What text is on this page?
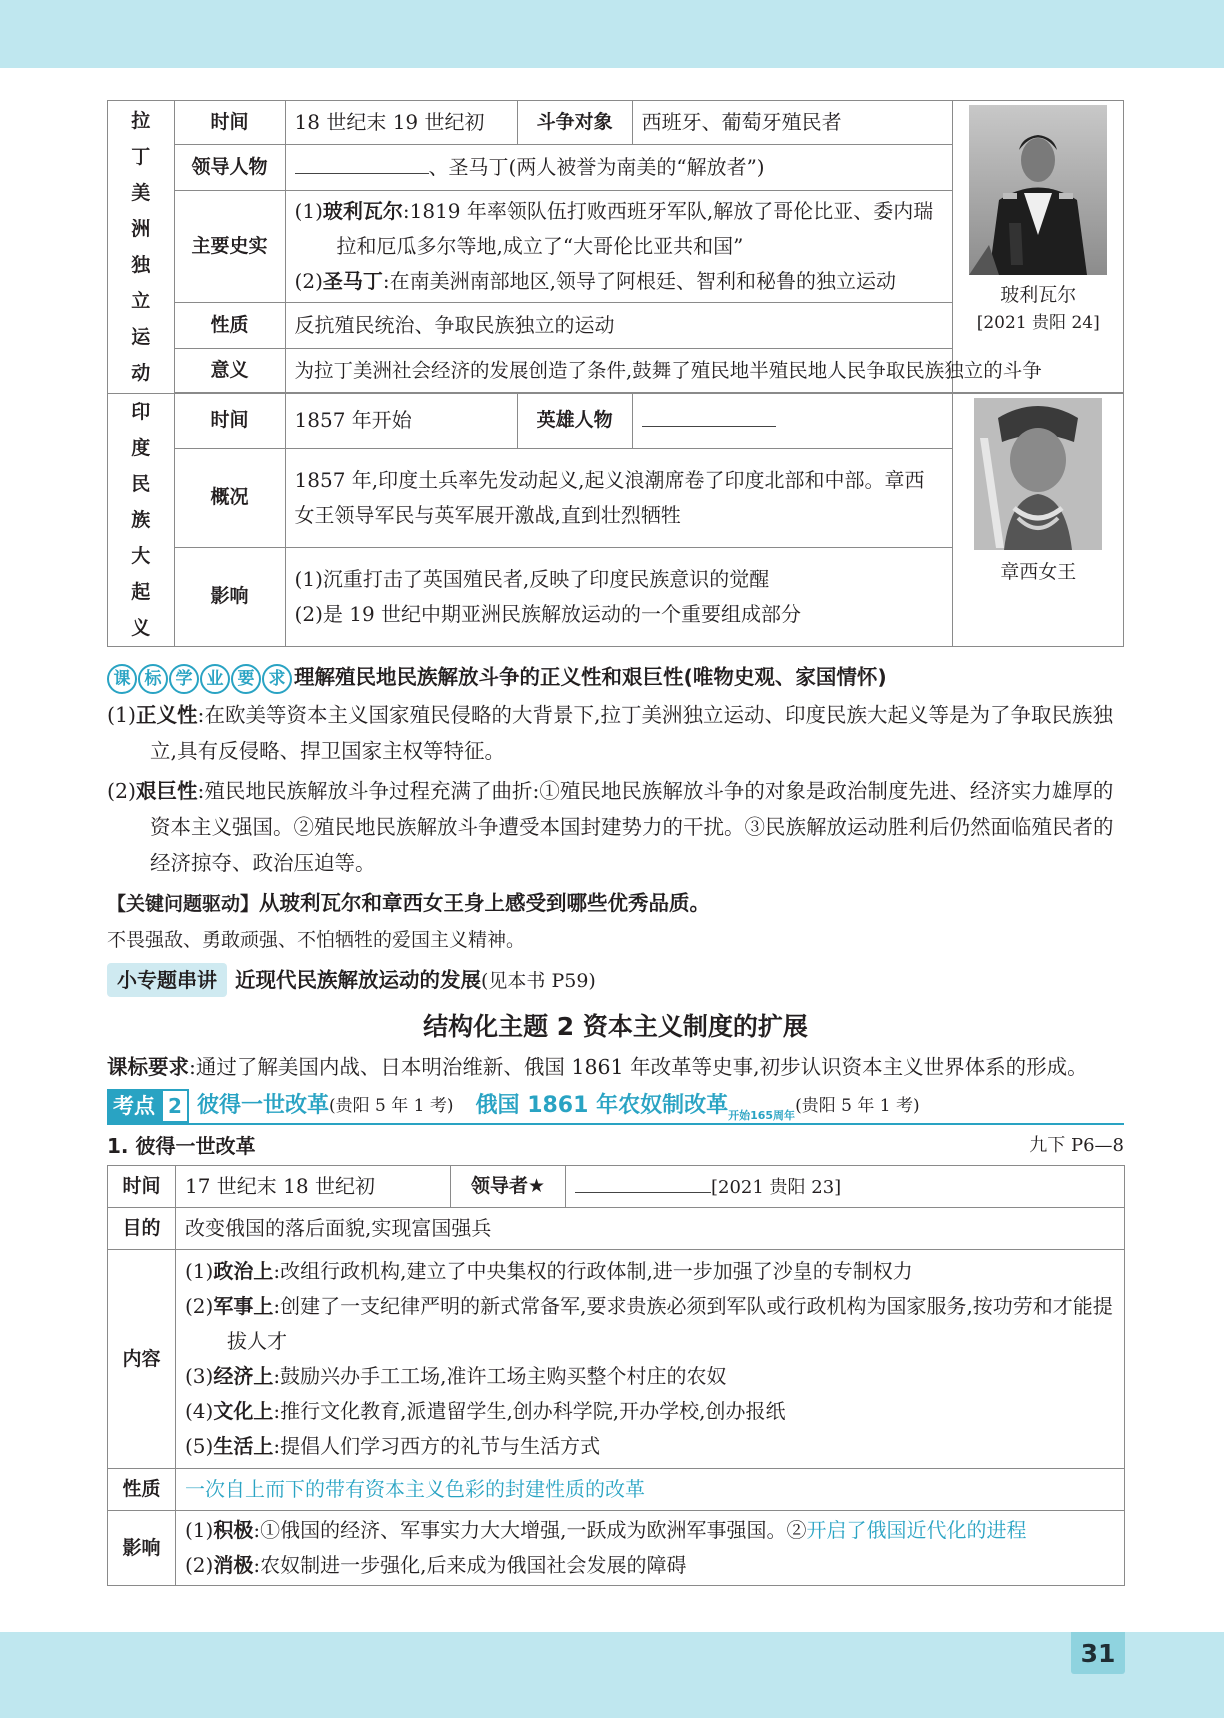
拉丁美洲独立运动	时间	18 世纪末 19 世纪初	斗争对象	西班牙、葡萄牙殖民者	玻利瓦尔
[2021 贵阳 24]

	领导人物	、圣马丁(两人被誉为南美的“解放者”)			
	主要史实	(1)玻利瓦尔:1819 年率领队伍打败西班牙军队,解放了哥伦比亚、委内瑞拉和厄瓜多尔等地,成立了“大哥伦比亚共和国”
(2)圣马丁:在南美洲南部地区,领导了阿根廷、智利和秘鲁的独立运动			

	性质	反抗殖民统治、争取民族独立的运动			
	意义	为拉丁美洲社会经济的发展创造了条件,鼓舞了殖民地半殖民地人民争取民族独立的斗争			

印度民族大起义	时间	1857 年开始	英雄人物		章西女王

	概况	1857 年,印度土兵率先发动起义,起义浪潮席卷了印度北部和中部。章西女王领导军民与英军展开激战,直到壮烈牺牲			
	影响	(1)沉重打击了英国殖民者,反映了印度民族意识的觉醒
(2)是 19 世纪中期亚洲民族解放运动的一个重要组成部分			
课 标 学 业 要 求 理解殖民地民族解放斗争的正义性和艰巨性(唯物史观、家国情怀)
(1)正义性:在欧美等资本主义国家殖民侵略的大背景下,拉丁美洲独立运动、印度民族大起义等是为了争取民族独立,具有反侵略、捍卫国家主权等特征。
(2)艰巨性:殖民地民族解放斗争过程充满了曲折:①殖民地民族解放斗争的对象是政治制度先进、经济实力雄厚的资本主义强国。②殖民地民族解放斗争遭受本国封建势力的干扰。③民族解放运动胜利后仍然面临殖民者的经济掠夺、政治压迫等。
【关键问题驱动】从玻利瓦尔和章西女王身上感受到哪些优秀品质。
不畏强敌、勇敢顽强、不怕牺牲的爱国主义精神。
小专题串讲 近现代民族解放运动的发展(见本书 P59)
结构化主题 2 资本主义制度的扩展
课标要求:通过了解美国内战、日本明治维新、俄国 1861 年改革等史事,初步认识资本主义世界体系的形成。
考点 2 彼得一世改革 (贵阳 5 年 1 考) 俄国 1861 年农奴制改革 开始165周年 (贵阳 5 年 1 考)
1. 彼得一世改革	九下 P6—8
时间	17 世纪末 18 世纪初	领导者★	[2021 贵阳 23]
目的	改变俄国的落后面貌,实现富国强兵		
内容	(1)政治上:改组行政机构,建立了中央集权的行政体制,进一步加强了沙皇的专制权力
(2)军事上:创建了一支纪律严明的新式常备军,要求贵族必须到军队或行政机构为国家服务,按功劳和才能提拔人才
(3)经济上:鼓励兴办手工工场,准许工场主购买整个村庄的农奴
(4)文化上:推行文化教育,派遣留学生,创办科学院,开办学校,创办报纸
(5)生活上:提倡人们学习西方的礼节与生活方式		

性质	一次自上而下的带有资本主义色彩的封建性质的改革		
影响	(1)积极:①俄国的经济、军事实力大大增强,一跃成为欧洲军事强国。②开启了俄国近代化的进程
(2)消极:农奴制进一步强化,后来成为俄国社会发展的障碍		
31
